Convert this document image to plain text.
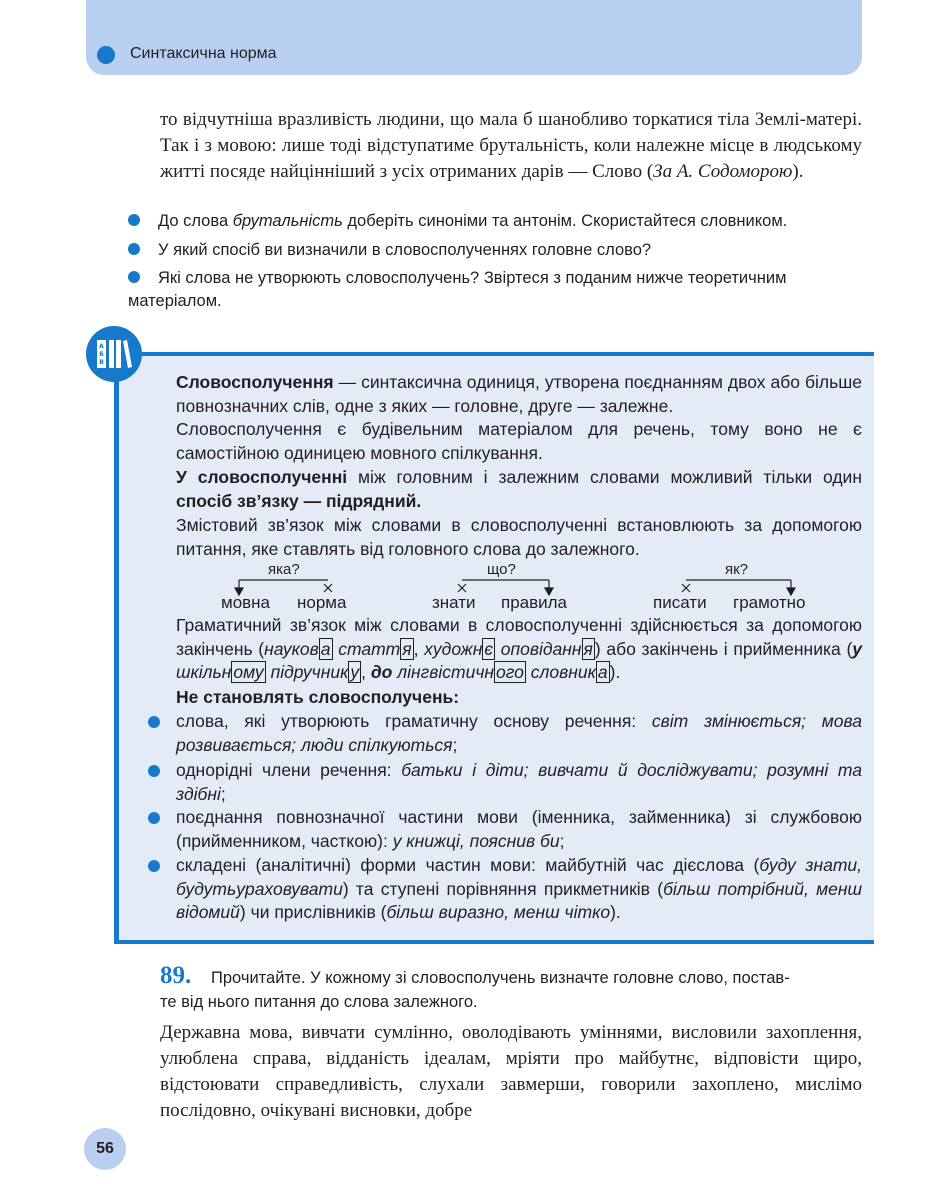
Синтаксична норма
то відчутніша вразливість людини, що мала б шанобливо торкатися тіла Землі-матері. Так і з мовою: лише тоді відступатиме брутальність, коли належне місце в людському житті посяде найцінніший з усіх отриманих дарів — Слово (За А. Содоморою).
До слова брутальність доберіть синоніми та антонім. Скористайтеся словником.
У який спосіб ви визначили в словосполученнях головне слово?
Які слова не утворюють словосполучень? Звіртеся з поданим нижче теоретичним матеріалом.
А
Б
В
Словосполучення — синтаксична одиниця, утворена поєднанням двох або більше повнозначних слів, одне з яких — головне, друге — залежне.
Словосполучення є будівельним матеріалом для речень, тому воно не є самостійною одиницею мовного спілкування.
У словосполученні між головним і залежним словами можливий тільки один спосіб зв’язку — підрядний.
Змістовий зв’язок між словами в словосполученні встановлюють за допомогою питання, яке ставлять від головного слова до залежного.
яка?
мовна норма
що?
знати правила
як?
писати грамотно
Граматичний зв’язок між словами в словосполученні здійснюється за допомогою закінчень (науков а статт я , художн є оповіданн я ) або закінчень і прийменника (у шкільн ому підручник у , до лінгвістичн ого словник а ).
Не становлять словосполучень:
слова, які утворюють граматичну основу речення: світ змінюється; мова розвивається; люди спілкуються;
однорідні члени речення: батьки і діти; вивчати й досліджувати; розумні та здібні;
поєднання повнозначної частини мови (іменника, займенника) зі службовою (прийменником, часткою): у книжці, пояснив би;
складені (аналітичні) форми частин мови: майбутній час дієслова (буду знати, будутьураховувати) та ступені порівняння прикметників (більш потрібний, менш відомий) чи прислівників (більш виразно, менш чітко).
89. Прочитайте. У кожному зі словосполучень визначте головне слово, постав-
те від нього питання до слова залежного.
Державна мова, вивчати сумлінно, оволодівають уміннями, висловили захоплення, улюблена справа, відданість ідеалам, мріяти про майбутнє, відповісти щиро, відстоювати справедливість, слухали завмерши, говорили захоплено, мислімо послідовно, очікувані висновки, добре
56
